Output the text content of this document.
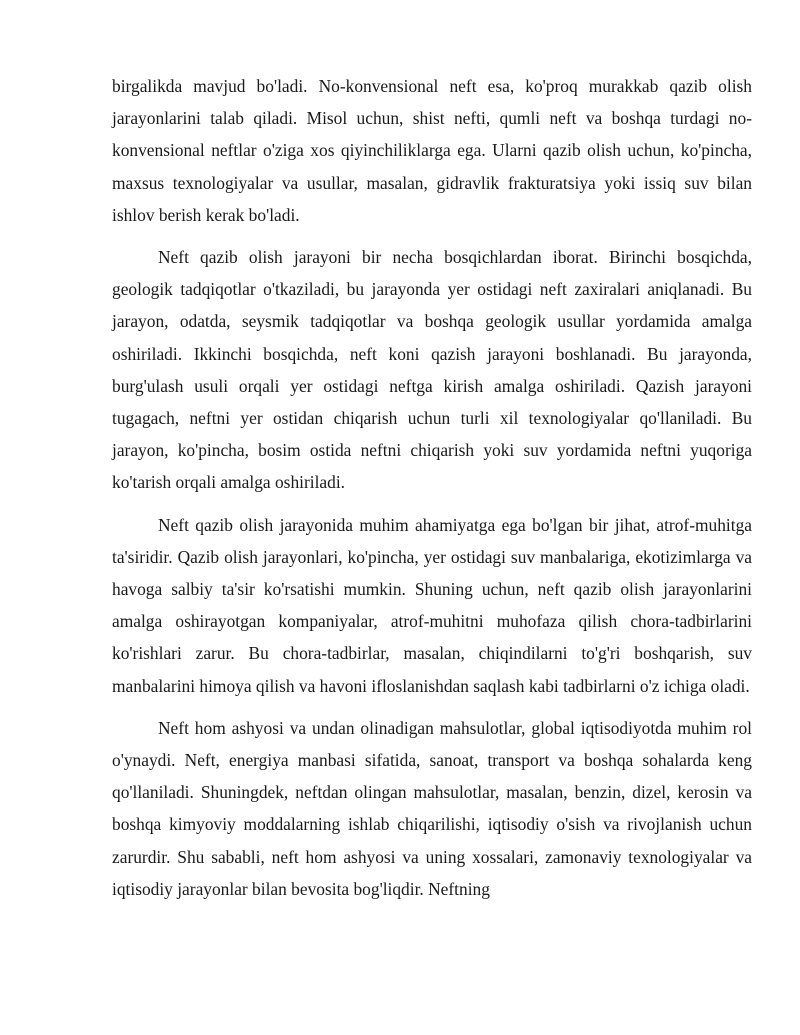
birgalikda mavjud bo'ladi. No-konvensional neft esa, ko'proq murakkab qazib olish jarayonlarini talab qiladi. Misol uchun, shist nefti, qumli neft va boshqa turdagi no-konvensional neftlar o'ziga xos qiyinchiliklarga ega. Ularni qazib olish uchun, ko'pincha, maxsus texnologiyalar va usullar, masalan, gidravlik frakturatsiya yoki issiq suv bilan ishlov berish kerak bo'ladi.

Neft qazib olish jarayoni bir necha bosqichlardan iborat. Birinchi bosqichda, geologik tadqiqotlar o'tkaziladi, bu jarayonda yer ostidagi neft zaxiralari aniqlanadi. Bu jarayon, odatda, seysmik tadqiqotlar va boshqa geologik usullar yordamida amalga oshiriladi. Ikkinchi bosqichda, neft koni qazish jarayoni boshlanadi. Bu jarayonda, burg'ulash usuli orqali yer ostidagi neftga kirish amalga oshiriladi. Qazish jarayoni tugagach, neftni yer ostidan chiqarish uchun turli xil texnologiyalar qo'llaniladi. Bu jarayon, ko'pincha, bosim ostida neftni chiqarish yoki suv yordamida neftni yuqoriga ko'tarish orqali amalga oshiriladi.

Neft qazib olish jarayonida muhim ahamiyatga ega bo'lgan bir jihat, atrof-muhitga ta'siridir. Qazib olish jarayonlari, ko'pincha, yer ostidagi suv manbalariga, ekotizimlarga va havoga salbiy ta'sir ko'rsatishi mumkin. Shuning uchun, neft qazib olish jarayonlarini amalga oshirayotgan kompaniyalar, atrof-muhitni muhofaza qilish chora-tadbirlarini ko'rishlari zarur. Bu chora-tadbirlar, masalan, chiqindilarni to'g'ri boshqarish, suv manbalarini himoya qilish va havoni ifloslanishdan saqlash kabi tadbirlarni o'z ichiga oladi.

Neft hom ashyosi va undan olinadigan mahsulotlar, global iqtisodiyotda muhim rol o'ynaydi. Neft, energiya manbasi sifatida, sanoat, transport va boshqa sohalarda keng qo'llaniladi. Shuningdek, neftdan olingan mahsulotlar, masalan, benzin, dizel, kerosin va boshqa kimyoviy moddalarning ishlab chiqarilishi, iqtisodiy o'sish va rivojlanish uchun zarurdir. Shu sababli, neft hom ashyosi va uning xossalari, zamonaviy texnologiyalar va iqtisodiy jarayonlar bilan bevosita bog'liqdir. Neftning
